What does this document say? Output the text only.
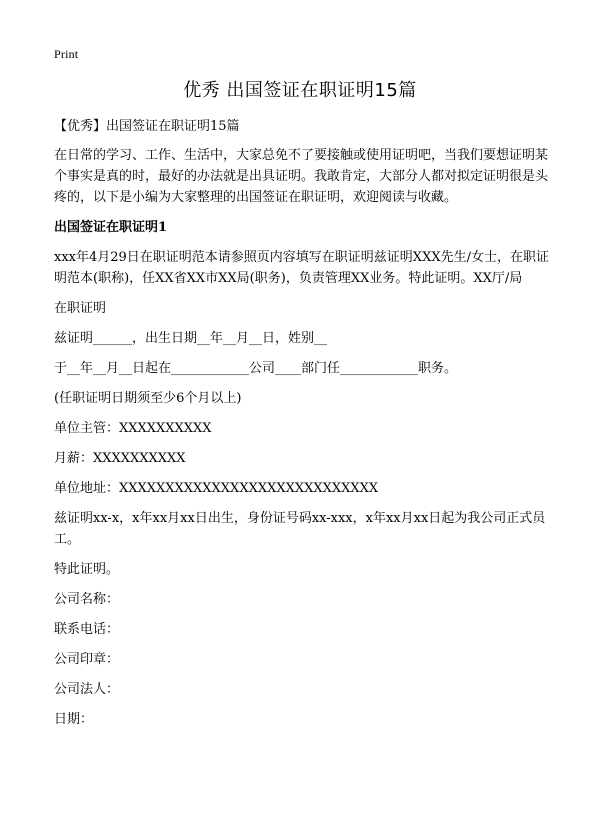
Print
优秀 出国签证在职证明15篇

【优秀】出国签证在职证明15篇

在日常的学习、工作、生活中，大家总免不了要接触或使用证明吧，当我们要想证明某个事实是真的时，最好的办法就是出具证明。我敢肯定，大部分人都对拟定证明很是头疼的，以下是小编为大家整理的出国签证在职证明，欢迎阅读与收藏。

出国签证在职证明1

xxx年4月29日在职证明范本请参照页内容填写在职证明兹证明XXX先生/女士，在职证明范本(职称)，任XX省XX市XX局(职务)，负责管理XX业务。特此证明。XX厅/局

在职证明

兹证明______，出生日期__年__月__日，姓别__

于__年__月__日起在____________公司____部门任____________职务。

(任职证明日期须至少6个月以上)

单位主管：XXXXXXXXXX

月薪：XXXXXXXXXX

单位地址：XXXXXXXXXXXXXXXXXXXXXXXXXXXX

兹证明xx-x，x年xx月xx日出生，身份证号码xx-xxx，x年xx月xx日起为我公司正式员工。

特此证明。

公司名称：

联系电话：

公司印章：

公司法人：

日期：
